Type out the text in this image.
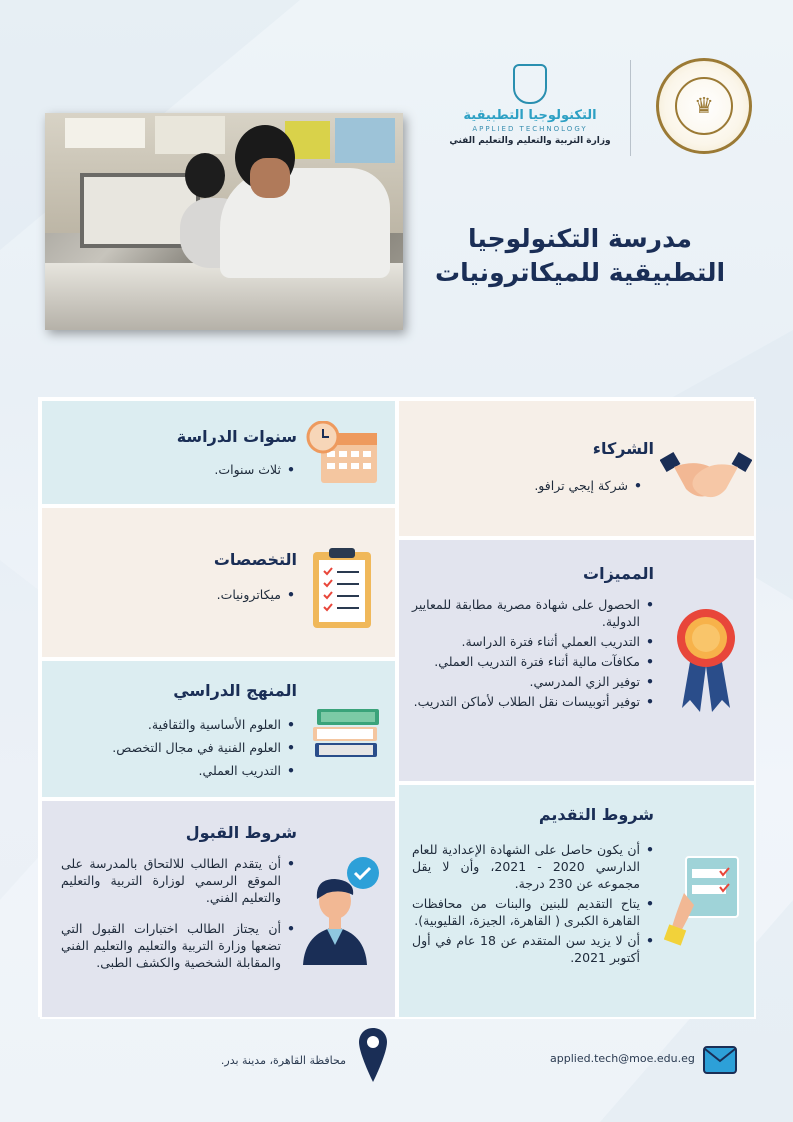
التكنولوجيا التطبيقية
APPLIED TECHNOLOGY
وزارة التربية والتعليم والتعليم الفني
♛
مدرسة التكنولوجيا
التطبيقية للميكاترونيات
الشركاء
• شركة إيجي ترافو.
المميزات
• الحصول على شهادة مصرية مطابقة للمعايير الدولية.
• التدريب العملي أثناء فترة الدراسة.
• مكافآت مالية أثناء فترة التدريب العملي.
• توفير الزي المدرسي.
• توفير أتوبيسات نقل الطلاب لأماكن التدريب.
شروط التقديم
• أن يكون حاصل على الشهادة الإعدادية للعام الدارسي 2020 - 2021، وأن لا يقل مجموعه عن 230 درجة.
• يتاح التقديم للبنين والبنات من محافظات القاهرة الكبرى ( القاهرة، الجيزة، القليوبية).
• أن لا يزيد سن المتقدم عن 18 عام في أول أكتوبر 2021.
سنوات الدراسة
• ثلاث سنوات.
التخصصات
• ميكاترونيات.
المنهج الدراسي
• العلوم الأساسية والثقافية.
• العلوم الفنية في مجال التخصص.
• التدريب العملي.
شروط القبول
• أن يتقدم الطالب للالتحاق بالمدرسة على الموقع الرسمي لوزارة التربية والتعليم والتعليم الفني.
• أن يجتاز الطالب اختبارات القبول التي تضعها وزارة التربية والتعليم والتعليم الفني والمقابلة الشخصية والكشف الطبى.
محافظة القاهرة، مدينة بدر.	applied.tech@moe.edu.eg
